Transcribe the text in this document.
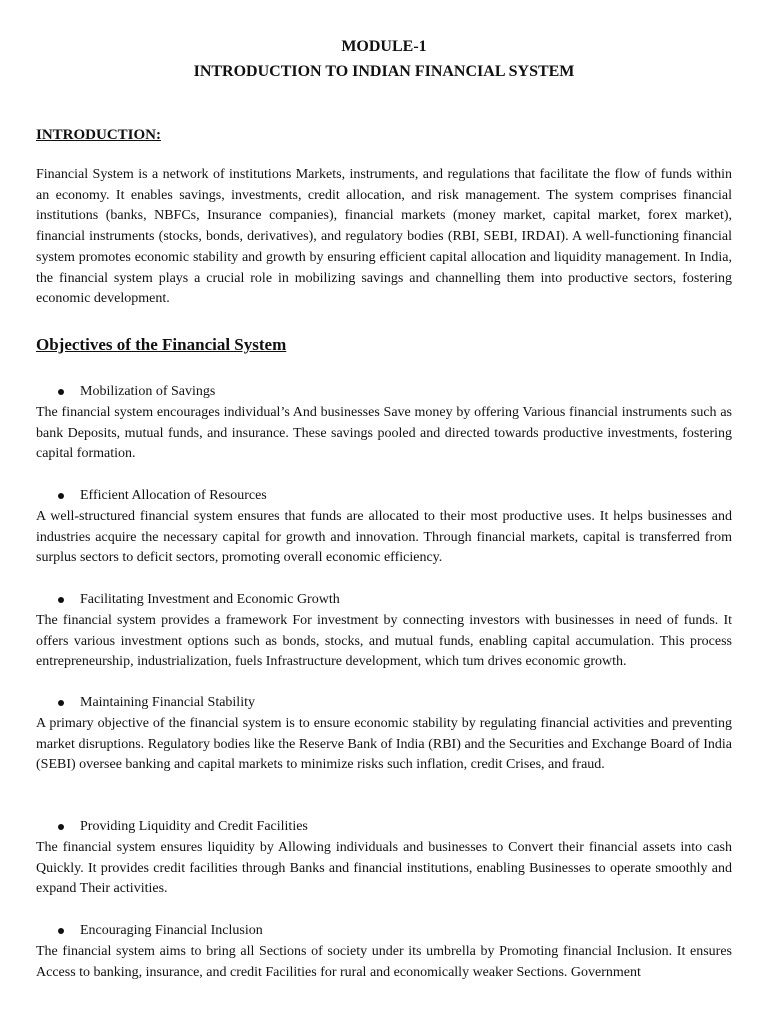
MODULE-1

INTRODUCTION TO INDIAN FINANCIAL SYSTEM

INTRODUCTION:

Financial System is a network of institutions Markets, instruments, and regulations that facilitate the flow of funds within an economy. It enables savings, investments, credit allocation, and risk management. The system comprises financial institutions (banks, NBFCs, Insurance companies), financial markets (money market, capital market, forex market), financial instruments (stocks, bonds, derivatives), and regulatory bodies (RBI, SEBI, IRDAI). A well-functioning financial system promotes economic stability and growth by ensuring efficient capital allocation and liquidity management. In India, the financial system plays a crucial role in mobilizing savings and channelling them into productive sectors, fostering economic development.

Objectives of the Financial System

Mobilization of Savings

The financial system encourages individual’s And businesses Save money by offering Various financial instruments such as bank Deposits, mutual funds, and insurance. These savings pooled and directed towards productive investments, fostering capital formation.

Efficient Allocation of Resources

A well-structured financial system ensures that funds are allocated to their most productive uses. It helps businesses and industries acquire the necessary capital for growth and innovation. Through financial markets, capital is transferred from surplus sectors to deficit sectors, promoting overall economic efficiency.

Facilitating Investment and Economic Growth

The financial system provides a framework For investment by connecting investors with businesses in need of funds. It offers various investment options such as bonds, stocks, and mutual funds, enabling capital accumulation. This process entrepreneurship, industrialization, fuels Infrastructure development, which tum drives economic growth.

Maintaining Financial Stability

A primary objective of the financial system is to ensure economic stability by regulating financial activities and preventing market disruptions. Regulatory bodies like the Reserve Bank of India (RBI) and the Securities and Exchange Board of India (SEBI) oversee banking and capital markets to minimize risks such inflation, credit Crises, and fraud.

Providing Liquidity and Credit Facilities

The financial system ensures liquidity by Allowing individuals and businesses to Convert their financial assets into cash Quickly. It provides credit facilities through Banks and financial institutions, enabling Businesses to operate smoothly and expand Their activities.

Encouraging Financial Inclusion

The financial system aims to bring all Sections of society under its umbrella by Promoting financial Inclusion. It ensures Access to banking, insurance, and credit Facilities for rural and economically weaker Sections. Government
